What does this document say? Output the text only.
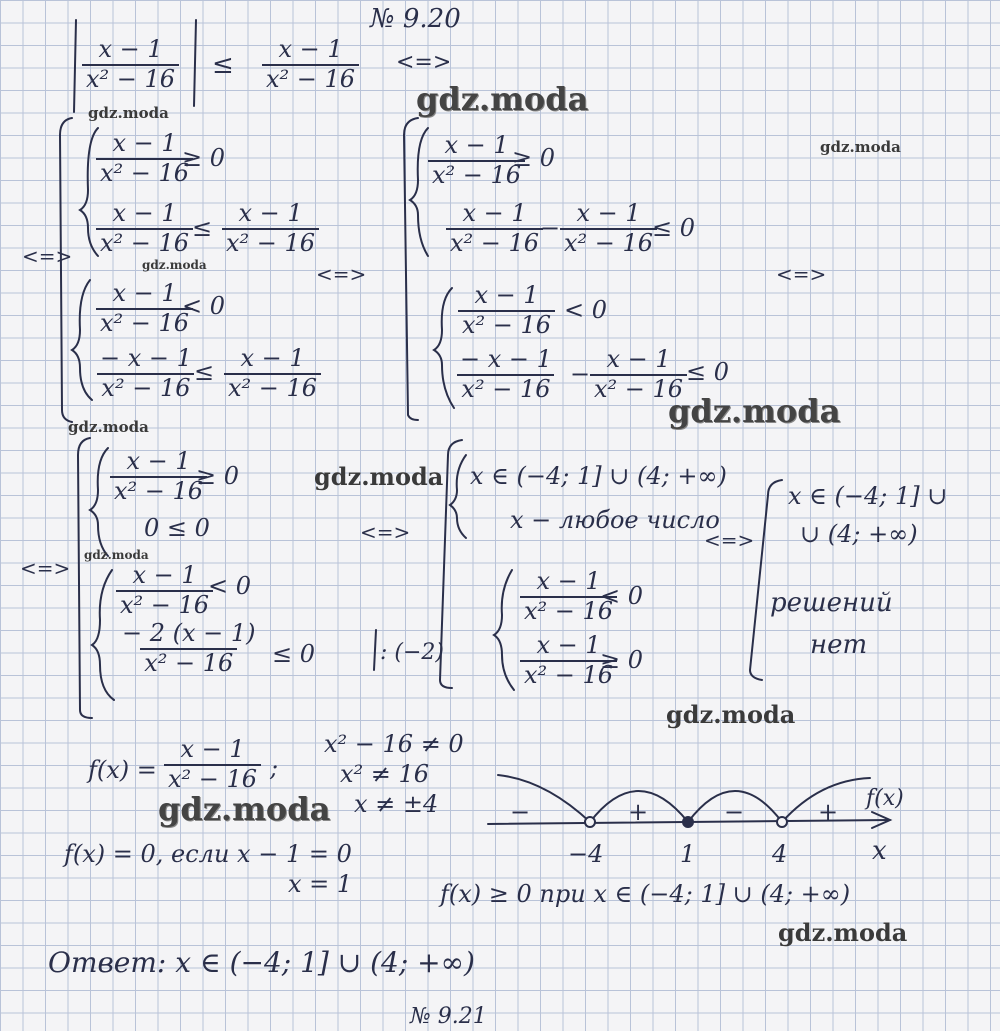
№ 9.20
$\frac{x - 1}{\text{x² − 16}} \le \frac{x - 1}{\text{x² − 16}}$ <=>
$\frac{x - 1}{\text{x² − 16}}$
≥ 0
$\frac{x - 1}{\text{x² − 16}}$
≤ $\frac{x - 1}{\text{x² − 16}}$
<=>
$\frac{x - 1}{\text{x² − 16}}$
< 0
$\frac{- x - 1}{\text{x² − 16}}$
≤ $\frac{x - 1}{\text{x² − 16}}$
<=>
$\frac{x - 1}{\text{x² − 16}}$
≥ 0
$\frac{x - 1}{\text{x² − 16}}$
− $\frac{x - 1}{\text{x² − 16}}$
≤ 0
$\frac{x - 1}{\text{x² − 16}} < 0$
$\frac{- x - 1}{\text{x² − 16}} - \frac{x - 1}{\text{x² − 16}}$
≤ 0
<=>
$\frac{x - 1}{\text{x² − 16}}$
≥ 0
0 ≤ 0
<=> $\frac{x - 1}{\text{x² − 16}}$
< 0
$\frac{- 2 (x - 1)}{\text{x² − 16}} \le 0$	: (−2)
<=>
x ∈ (−4; 1] ∪ (4; +∞)
x − любое число
$\frac{x - 1}{\text{x² − 16}}$
< 0
$\frac{x - 1}{\text{x² − 16}}$
≥ 0
<=>
x ∈ (−4; 1] ∪
∪ (4; +∞)
решений
нет
$f(x) = \frac{x - 1}{\text{x² − 16}}$ ;
x² − 16 ≠ 0
x² ≠ 16
x ≠ ±4
f(x) = 0, если x − 1 = 0
x = 1
−	+	−	+ f(x)
−4	1	4	x
f(x) ≥ 0 при x ∈ (−4; 1] ∪ (4; +∞)
Ответ: x ∈ (−4; 1] ∪ (4; +∞)
№ 9.21
gdz.moda	gdz.moda
gdz.moda
gdz.moda
gdz.moda
gdz.moda
gdz.moda
gdz.moda
gdz.moda
gdz.moda
gdz.moda
